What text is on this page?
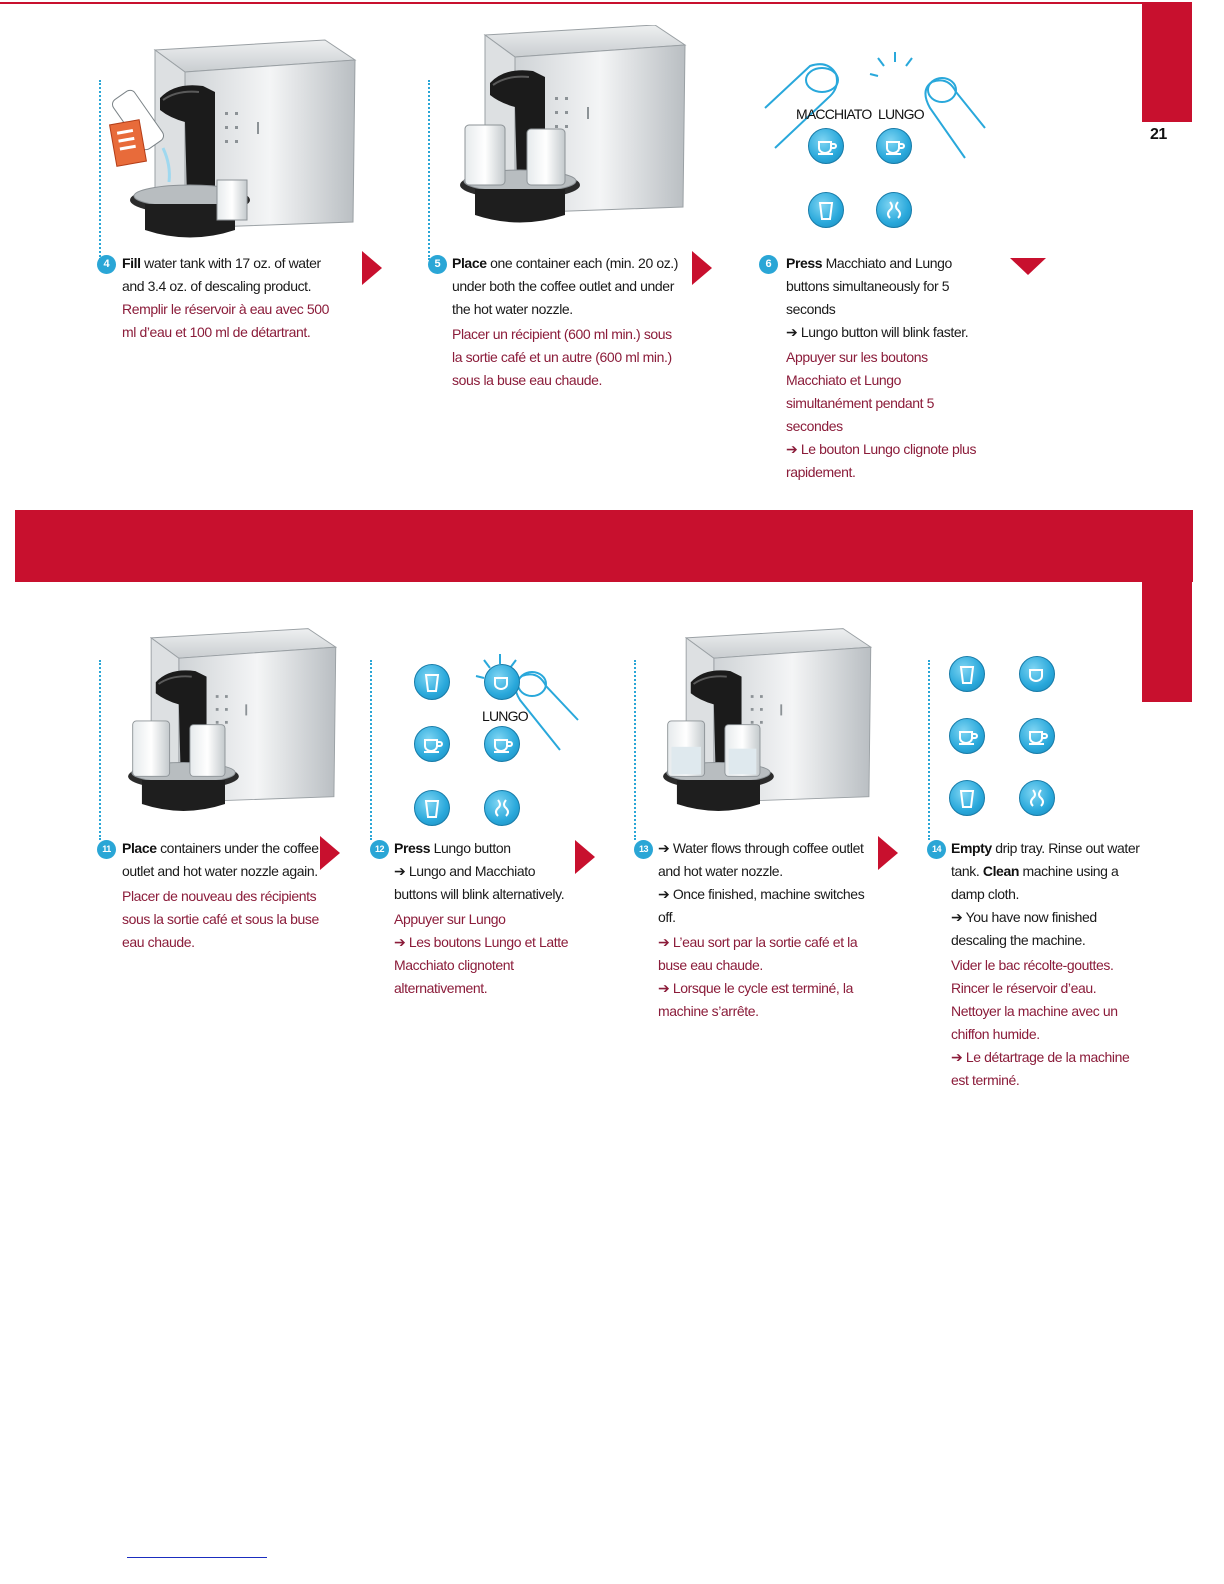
21
4 Fill water tank with 17 oz. of water and 3.4 oz. of descaling product.

Remplir le réservoir à eau avec 500 ml d’eau et 100 ml de détartrant.

5 Place one container each (min. 20 oz.) under both the coffee outlet and under the hot water nozzle.

Placer un récipient (600 ml min.) sous la sortie café et un autre (600 ml min.) sous la buse eau chaude.

MACCHIATO LUNGO
6	Press Macchiato and Lungo buttons simultaneously for 5 seconds

➔ Lungo button will blink faster.

Appuyer sur les boutons Macchiato et Lungo simultanément pendant 5 secondes

➔ Le bouton Lungo clignote plus rapidement.

11 Place containers under the coffee outlet and hot water nozzle again.

Placer de nouveau des récipients sous la sortie café et sous la buse eau chaude.

LUNGO
12 Press Lungo button

➔ Lungo and Macchiato buttons will blink alternatively.

Appuyer sur Lungo

➔ Les boutons Lungo et Latte Macchiato clignotent alternativement.

13 ➔ Water flows through coffee outlet and hot water nozzle.

➔ Once finished, machine switches off.

➔ L’eau sort par la sortie café et la buse eau chaude.

➔ Lorsque le cycle est terminé, la machine s’arrête.

14 Empty drip tray. Rinse out water tank. Clean machine using a damp cloth.

➔ You have now finished descaling the machine.

Vider le bac récolte-gouttes. Rincer le réservoir d’eau. Nettoyer la machine avec un chiffon humide.

➔ Le détartrage de la machine est terminé.
